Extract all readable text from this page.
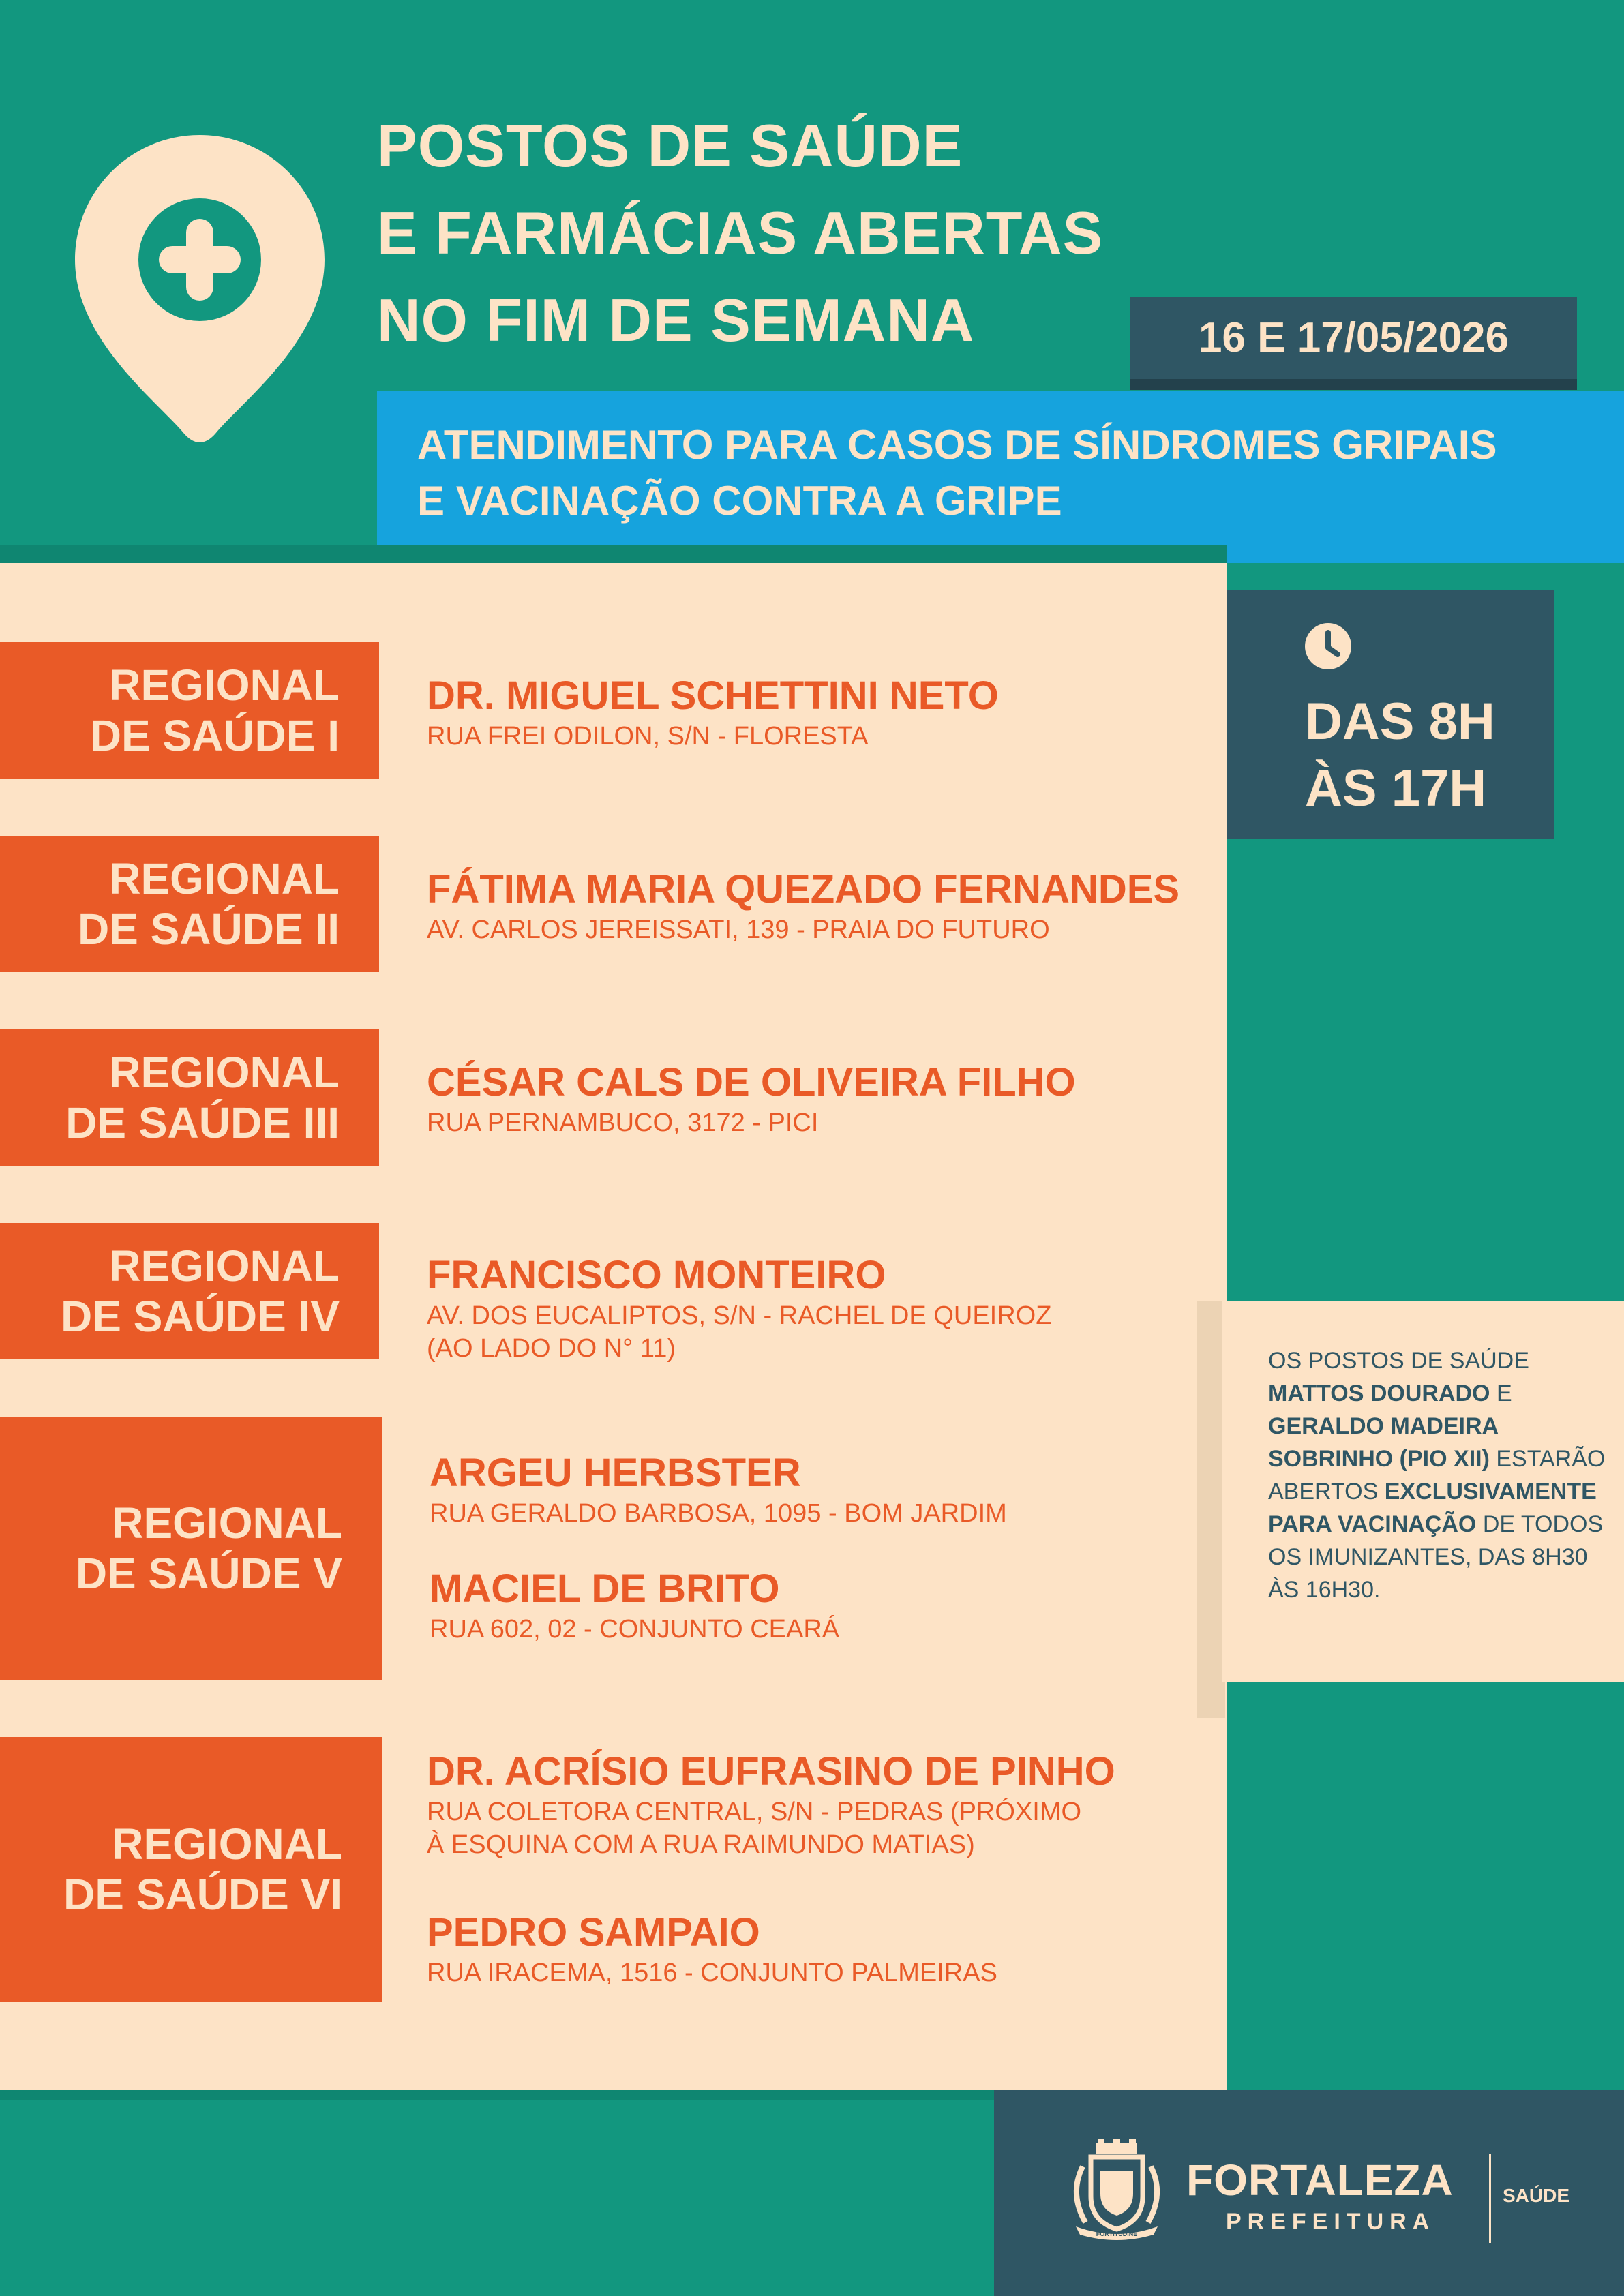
POSTOS DE SAÚDE
E FARMÁCIAS ABERTAS
NO FIM DE SEMANA	16 E 17/05/2026
ATENDIMENTO PARA CASOS DE SÍNDROMES GRIPAIS
E VACINAÇÃO CONTRA A GRIPE
DAS 8H
ÀS 17H
REGIONAL
DE SAÚDE I
DR. MIGUEL SCHETTINI NETO
RUA FREI ODILON, S/N - FLORESTA
REGIONAL
DE SAÚDE II
FÁTIMA MARIA QUEZADO FERNANDES
AV. CARLOS JEREISSATI, 139 - PRAIA DO FUTURO
REGIONAL
DE SAÚDE III
CÉSAR CALS DE OLIVEIRA FILHO
RUA PERNAMBUCO, 3172 - PICI
REGIONAL
DE SAÚDE IV
FRANCISCO MONTEIRO
AV. DOS EUCALIPTOS, S/N - RACHEL DE QUEIROZ
(AO LADO DO N° 11)
REGIONAL
DE SAÚDE V
ARGEU HERBSTER
RUA GERALDO BARBOSA, 1095 - BOM JARDIM
MACIEL DE BRITO
RUA 602, 02 - CONJUNTO CEARÁ
REGIONAL
DE SAÚDE VI
DR. ACRÍSIO EUFRASINO DE PINHO
RUA COLETORA CENTRAL, S/N - PEDRAS (PRÓXIMO
À ESQUINA COM A RUA RAIMUNDO MATIAS)
PEDRO SAMPAIO
RUA IRACEMA, 1516 - CONJUNTO PALMEIRAS
OS POSTOS DE SAÚDE MATTOS DOURADO E GERALDO MADEIRA SOBRINHO (PIO XII) ESTARÃO ABERTOS EXCLUSIVAMENTE PARA VACINAÇÃO DE TODOS OS IMUNIZANTES, DAS 8H30 ÀS 16H30.
FORTITUDINE
FORTALEZA
PREFEITURA
SAÚDE
